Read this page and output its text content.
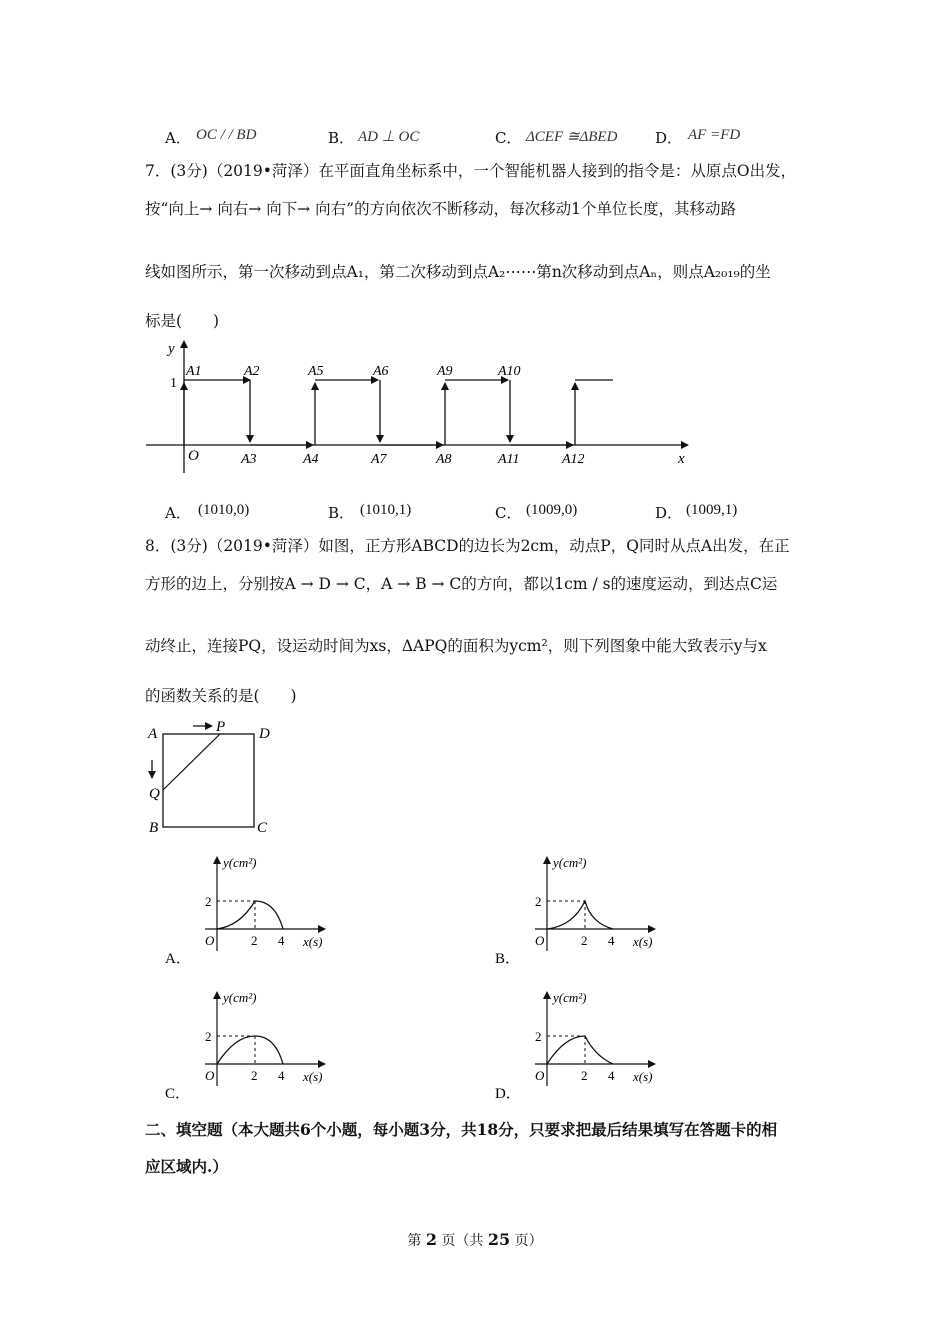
A． OC / / BD	B． AD ⊥ OC	C． ΔCEF ≅ΔBED	D． AF =FD
7．(3分)（2019•菏泽）在平面直角坐标系中，一个智能机器人接到的指令是：从原点O出发，
按“向上→ 向右→ 向下→ 向右”的方向依次不断移动，每次移动1个单位长度，其移动路
线如图所示，第一次移动到点A₁，第二次移动到点A₂⋯⋯第n次移动到点Aₙ，则点A₂₀₁₉的坐
标是(　　)
y
x
O
1
A1	A2	A5	A6	A9	A10
A3	A4	A7	A8	A11	A12
A． (1010,0)	B． (1010,1)	C． (1009,0)	D． (1009,1)
8．(3分)（2019•菏泽）如图，正方形ABCD的边长为2cm，动点P，Q同时从点A出发，在正
方形的边上，分别按A → D → C，A → B → C的方向，都以1cm / s的速度运动，到达点C运
动终止，连接PQ，设运动时间为xs，ΔAPQ的面积为ycm²，则下列图象中能大致表示y与x
的函数关系的是(　　)
A	P D
Q
B	C
y(cm²)
x(s)
O
2
2 4
A．
y(cm²)
x(s)
O
2
2 4
B．
y(cm²)
x(s)
O
2
2 4
C．
y(cm²)
x(s)
O
2
2 4
D．
二、填空题（本大题共6个小题，每小题3分，共18分，只要求把最后结果填写在答题卡的相
应区域内.）
第 2 页（共 25 页）
